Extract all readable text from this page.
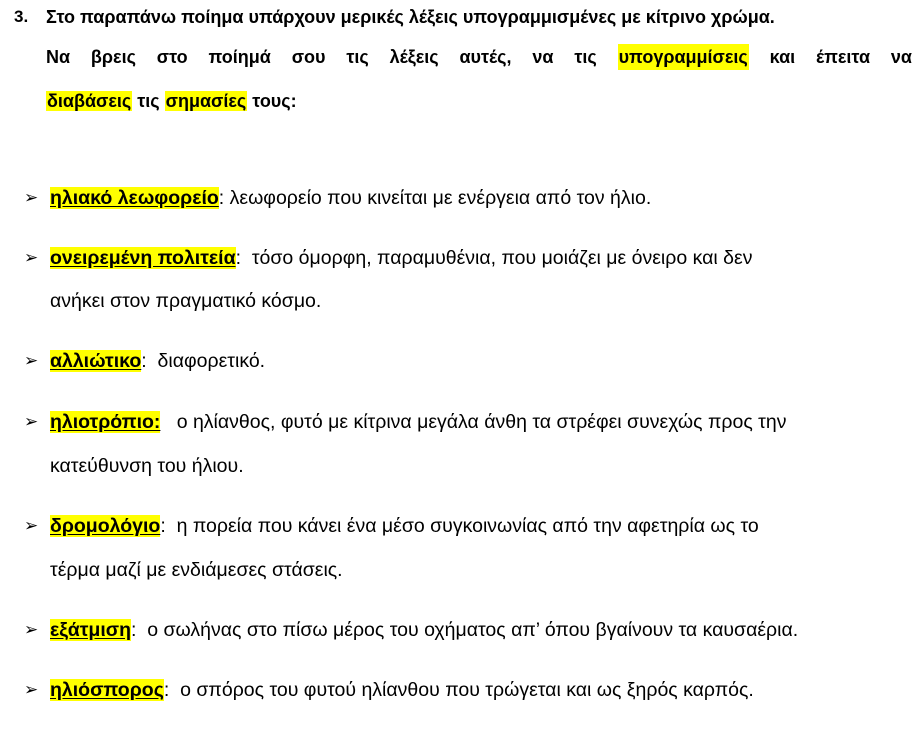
3. Στο παραπάνω ποίημα υπάρχουν μερικές λέξεις υπογραμμισμένες με κίτρινο χρώμα.
Να βρεις στο ποίημά σου τις λέξεις αυτές, να τις υπογραμμίσεις και έπειτα να
διαβάσεις τις σημασίες τους:
➢ ηλιακό λεωφορείο: λεωφορείο που κινείται με ενέργεια από τον ήλιο.
➢ ονειρεμένη πολιτεία:  τόσο όμορφη, παραμυθένια, που μοιάζει με όνειρο και δεν
ανήκει στον πραγματικό κόσμο.
➢ αλλιώτικο:  διαφορετικό.
➢ ηλιοτρόπιο:   ο ηλίανθος, φυτό με κίτρινα μεγάλα άνθη τα στρέφει συνεχώς προς την
κατεύθυνση του ήλιου.
➢ δρομολόγιο:  η πορεία που κάνει ένα μέσο συγκοινωνίας από την αφετηρία ως το
τέρμα μαζί με ενδιάμεσες στάσεις.
➢ εξάτμιση:  ο σωλήνας στο πίσω μέρος του οχήματος απ’ όπου βγαίνουν τα καυσαέρια.
➢ ηλιόσπορος:  ο σπόρος του φυτού ηλίανθου που τρώγεται και ως ξηρός καρπός.
